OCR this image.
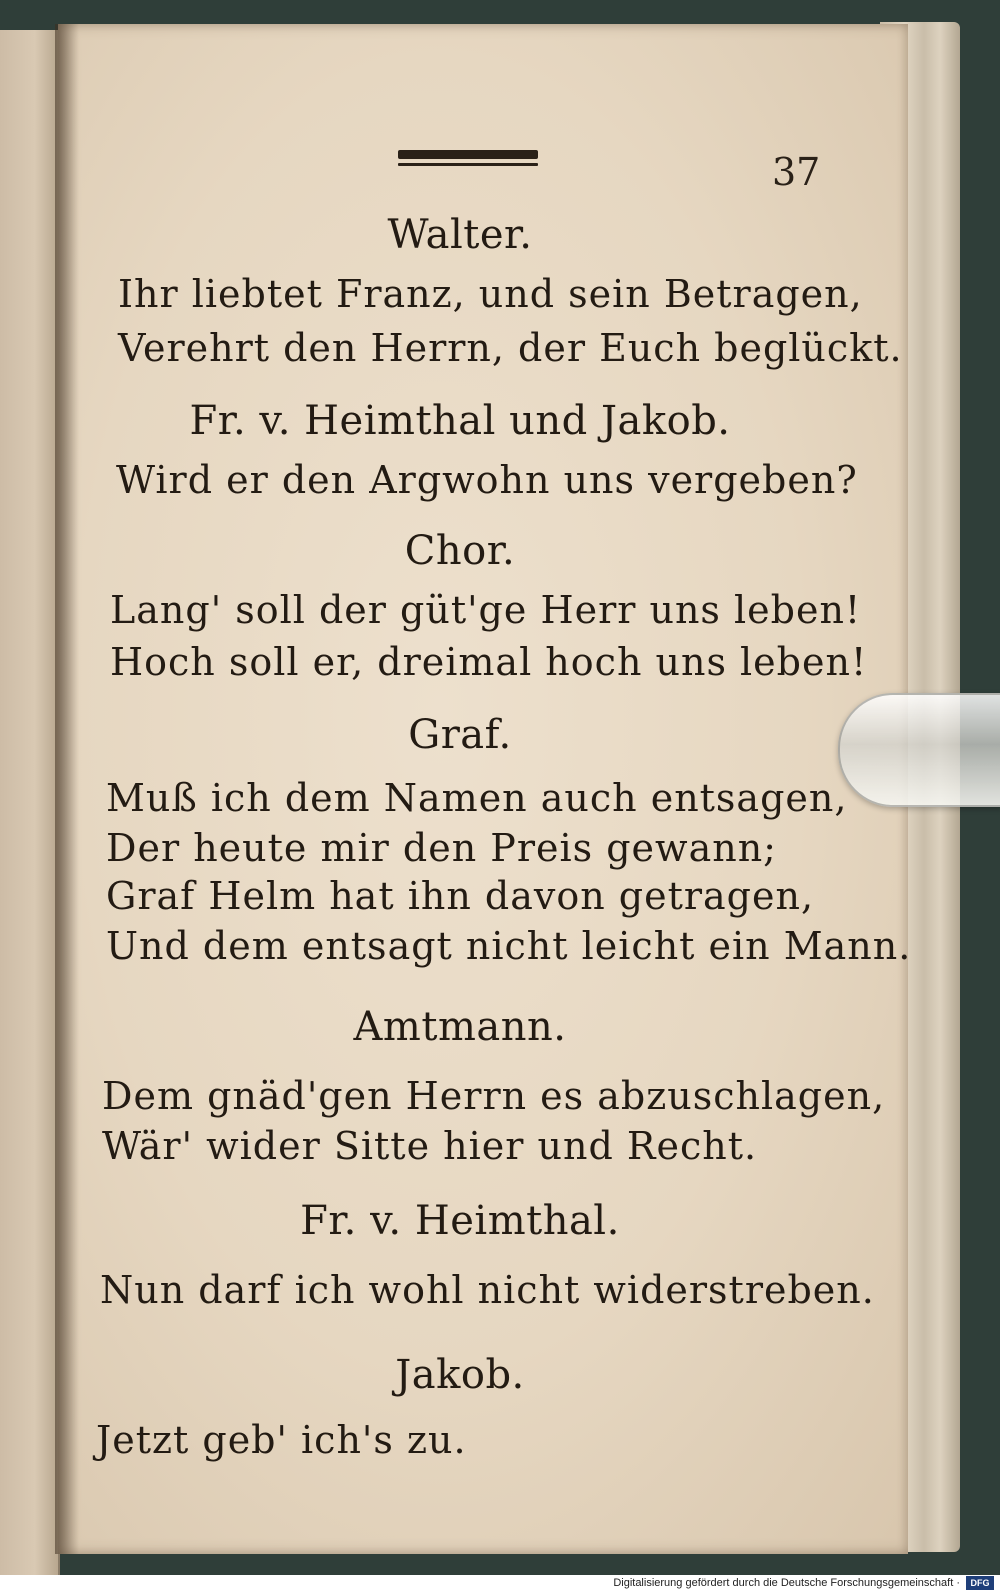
37
Walter.
Ihr liebtet Franz, und sein Betragen,
Verehrt den Herrn, der Euch beglückt.
Fr. v. Heimthal und Jakob.
Wird er den Argwohn uns vergeben?
Chor.
Lang' soll der güt'ge Herr uns leben!
Hoch soll er, dreimal hoch uns leben!
Graf.
Muß ich dem Namen auch entsagen,
Der heute mir den Preis gewann;
Graf Helm hat ihn davon getragen,
Und dem entsagt nicht leicht ein Mann.
Amtmann.
Dem gnäd'gen Herrn es abzuschlagen,
Wär' wider Sitte hier und Recht.
Fr. v. Heimthal.
Nun darf ich wohl nicht widerstreben.
Jakob.
Jetzt geb' ich's zu.
Digitalisierung gefördert durch die Deutsche Forschungsgemeinschaft ·	DFG
